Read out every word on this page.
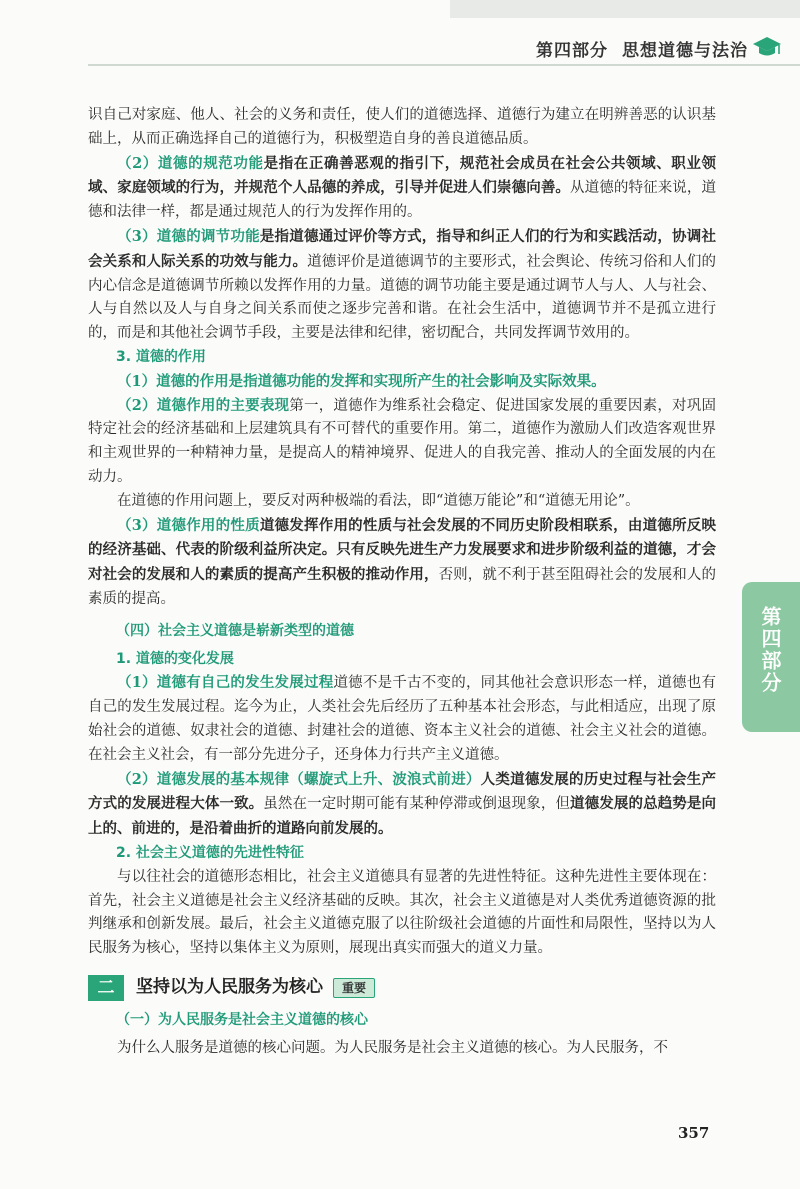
第四部分 思想道德与法治
第四部分

识自己对家庭、他人、社会的义务和责任，使人们的道德选择、道德行为建立在明辨善恶的认识基础上，从而正确选择自己的道德行为，积极塑造自身的善良道德品质。

（2）道德的规范功能是指在正确善恶观的指引下，规范社会成员在社会公共领域、职业领域、家庭领域的行为，并规范个人品德的养成，引导并促进人们崇德向善。从道德的特征来说，道德和法律一样，都是通过规范人的行为发挥作用的。

（3）道德的调节功能是指道德通过评价等方式，指导和纠正人们的行为和实践活动，协调社会关系和人际关系的功效与能力。道德评价是道德调节的主要形式，社会舆论、传统习俗和人们的内心信念是道德调节所赖以发挥作用的力量。道德的调节功能主要是通过调节人与人、人与社会、人与自然以及人与自身之间关系而使之逐步完善和谐。在社会生活中，道德调节并不是孤立进行的，而是和其他社会调节手段，主要是法律和纪律，密切配合，共同发挥调节效用的。

3. 道德的作用

（1）道德的作用是指道德功能的发挥和实现所产生的社会影响及实际效果。

（2）道德作用的主要表现第一，道德作为维系社会稳定、促进国家发展的重要因素，对巩固特定社会的经济基础和上层建筑具有不可替代的重要作用。第二，道德作为激励人们改造客观世界和主观世界的一种精神力量，是提高人的精神境界、促进人的自我完善、推动人的全面发展的内在动力。

在道德的作用问题上，要反对两种极端的看法，即“道德万能论”和“道德无用论”。

（3）道德作用的性质道德发挥作用的性质与社会发展的不同历史阶段相联系，由道德所反映的经济基础、代表的阶级利益所决定。只有反映先进生产力发展要求和进步阶级利益的道德，才会对社会的发展和人的素质的提高产生积极的推动作用，否则，就不利于甚至阻碍社会的发展和人的素质的提高。

（四）社会主义道德是崭新类型的道德

1. 道德的变化发展

（1）道德有自己的发生发展过程道德不是千古不变的，同其他社会意识形态一样，道德也有自己的发生发展过程。迄今为止，人类社会先后经历了五种基本社会形态，与此相适应，出现了原始社会的道德、奴隶社会的道德、封建社会的道德、资本主义社会的道德、社会主义社会的道德。在社会主义社会，有一部分先进分子，还身体力行共产主义道德。

（2）道德发展的基本规律（螺旋式上升、波浪式前进）人类道德发展的历史过程与社会生产方式的发展进程大体一致。虽然在一定时期可能有某种停滞或倒退现象，但道德发展的总趋势是向上的、前进的，是沿着曲折的道路向前发展的。

2. 社会主义道德的先进性特征

与以往社会的道德形态相比，社会主义道德具有显著的先进性特征。这种先进性主要体现在：首先，社会主义道德是社会主义经济基础的反映。其次，社会主义道德是对人类优秀道德资源的批判继承和创新发展。最后，社会主义道德克服了以往阶级社会道德的片面性和局限性，坚持以为人民服务为核心，坚持以集体主义为原则，展现出真实而强大的道义力量。

二	坚持以为人民服务为核心	重要

（一）为人民服务是社会主义道德的核心

为什么人服务是道德的核心问题。为人民服务是社会主义道德的核心。为人民服务，不

357
